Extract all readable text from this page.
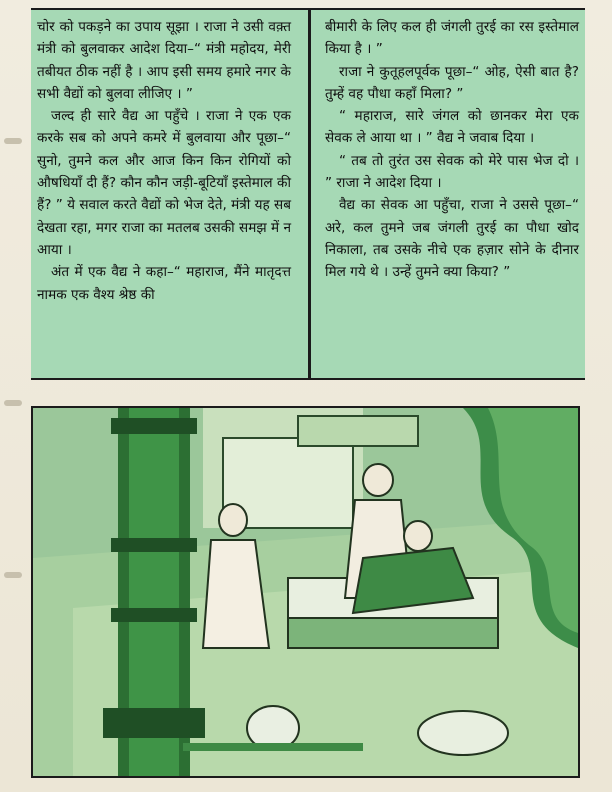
चोर को पकड़ने का उपाय सूझा । राजा ने उसी वक़्त मंत्री को बुलवाकर आदेश दिया–“ मंत्री महोदय, मेरी तबीयत ठीक नहीं है । आप इसी समय हमारे नगर के सभी वैद्यों को बुलवा लीजिए । ”

जल्द ही सारे वैद्य आ पहुँचे । राजा ने एक एक करके सब को अपने कमरे में बुलवाया और पूछा–“ सुनो, तुमने कल और आज किन किन रोगियों को औषधियाँ दी हैं? कौन कौन जड़ी-बूटियाँ इस्तेमाल की हैं? ” ये सवाल करते वैद्यों को भेज देते, मंत्री यह सब देखता रहा, मगर राजा का मतलब उसकी समझ में न आया ।

अंत में एक वैद्य ने कहा–“ महाराज, मैंने मातृदत्त नामक एक वैश्य श्रेष्ठ की

बीमारी के लिए कल ही जंगली तुरई का रस इस्तेमाल किया है । ”

राजा ने कुतूहलपूर्वक पूछा–“ ओह, ऐसी बात है? तुम्हें वह पौधा कहाँ मिला? ”

“ महाराज, सारे जंगल को छानकर मेरा एक सेवक ले आया था । ” वैद्य ने जवाब दिया ।

“ तब तो तुरंत उस सेवक को मेरे पास भेज दो । ” राजा ने आदेश दिया ।

वैद्य का सेवक आ पहुँचा, राजा ने उससे पूछा–“ अरे, कल तुमने जब जंगली तुरई का पौधा खोद निकाला, तब उसके नीचे एक हज़ार सोने के दीनार मिल गये थे । उन्हें तुमने क्या किया? ”
